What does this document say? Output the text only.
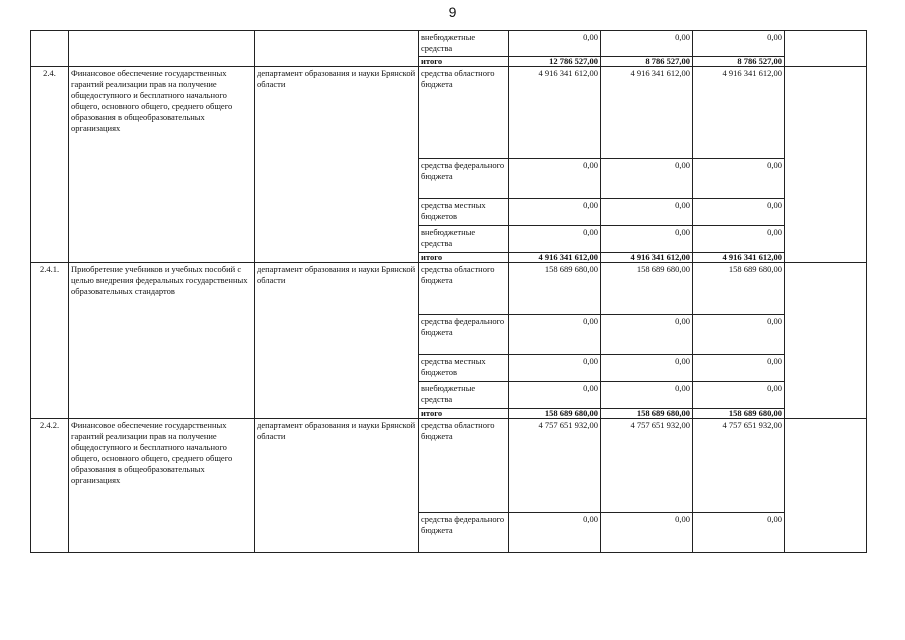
9
			внебюджетные средства	0,00	0,00	0,00	
			итого	12 786 527,00	8 786 527,00	8 786 527,00	
2.4.	Финансовое обеспечение государственных гарантий реализации прав на получение общедоступного и бесплатного начального общего, основного общего, среднего общего образования в общеобразовательных организациях	департамент образования и науки Брянской области	средства областного бюджета	4 916 341 612,00	4 916 341 612,00	4 916 341 612,00	
			средства федерального бюджета	0,00	0,00	0,00	
			средства местных бюджетов	0,00	0,00	0,00	
			внебюджетные средства	0,00	0,00	0,00	
			итого	4 916 341 612,00	4 916 341 612,00	4 916 341 612,00	
2.4.1.	Приобретение учебников и учебных пособий с целью внедрения федеральных государственных образовательных стандартов	департамент образования и науки Брянской области	средства областного бюджета	158 689 680,00	158 689 680,00	158 689 680,00	
			средства федерального бюджета	0,00	0,00	0,00	
			средства местных бюджетов	0,00	0,00	0,00	
			внебюджетные средства	0,00	0,00	0,00	
			итого	158 689 680,00	158 689 680,00	158 689 680,00	
2.4.2.	Финансовое обеспечение государственных гарантий реализации прав на получение общедоступного и бесплатного начального общего, основного общего, среднего общего образования в общеобразовательных организациях	департамент образования и науки Брянской области	средства областного бюджета	4 757 651 932,00	4 757 651 932,00	4 757 651 932,00	
			средства федерального бюджета	0,00	0,00	0,00	
